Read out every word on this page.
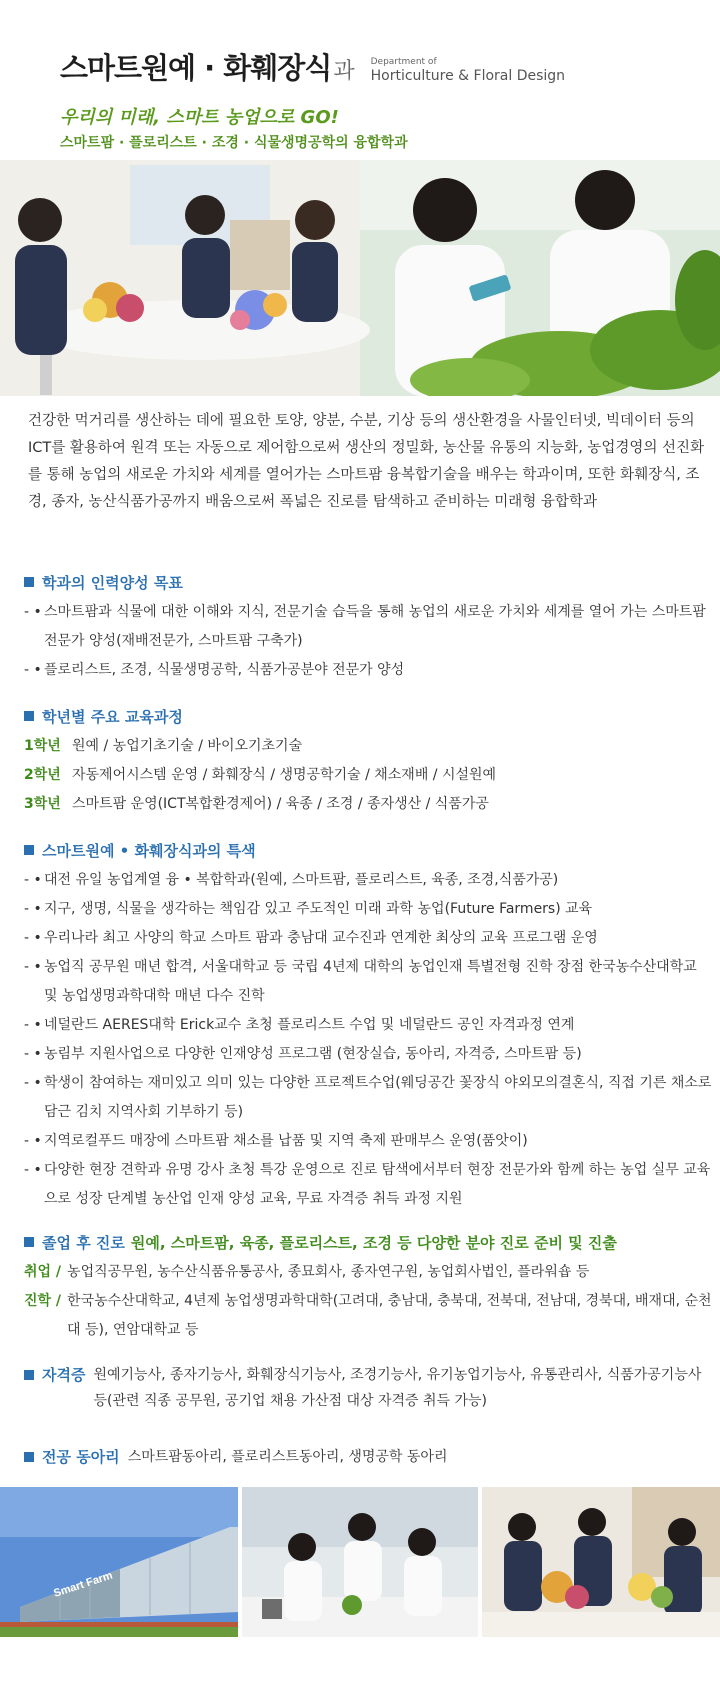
스마트원예 · 화훼장식 과 Department of
Horticulture & Floral Design
우리의 미래, 스마트 농업으로 GO!
스마트팜 · 플로리스트 · 조경 · 식물생명공학의 융합학과
건강한 먹거리를 생산하는 데에 필요한 토양, 양분, 수분, 기상 등의 생산환경을 사물인터넷, 빅데이터 등의 ICT를 활용하여 원격 또는 자동으로 제어함으로써 생산의 정밀화, 농산물 유통의 지능화, 농업경영의 선진화를 통해 농업의 새로운 가치와 세계를 열어가는 스마트팜 융복합기술을 배우는 학과이며, 또한 화훼장식, 조경, 종자, 농산식품가공까지 배움으로써 폭넓은 진로를 탐색하고 준비하는 미래형 융합학과
학과의 인력양성 목표
- • 스마트팜과 식물에 대한 이해와 지식, 전문기술 습득을 통해 농업의 새로운 가치와 세계를 열어 가는 스마트팜 전문가 양성(재배전문가, 스마트팜 구축가)
- • 플로리스트, 조경, 식물생명공학, 식품가공분야 전문가 양성
학년별 주요 교육과정
1학년 원예 / 농업기초기술 / 바이오기초기술
2학년 자동제어시스템 운영 / 화훼장식 / 생명공학기술 / 채소재배 / 시설원예
3학년 스마트팜 운영(ICT복합환경제어) / 육종 / 조경 / 종자생산 / 식품가공
스마트원예 • 화훼장식과의 특색
- • 대전 유일 농업계열 융 • 복합학과(원예, 스마트팜, 플로리스트, 육종, 조경,식품가공)
- • 지구, 생명, 식물을 생각하는 책임감 있고 주도적인 미래 과학 농업(Future Farmers) 교육
- • 우리나라 최고 사양의 학교 스마트 팜과 충남대 교수진과 연계한 최상의 교육 프로그램 운영
- • 농업직 공무원 매년 합격, 서울대학교 등 국립 4년제 대학의 농업인재 특별전형 진학 장점 한국농수산대학교 및 농업생명과학대학 매년 다수 진학
- • 네덜란드 AERES대학 Erick교수 초청 플로리스트 수업 및 네덜란드 공인 자격과정 연계
- • 농림부 지원사업으로 다양한 인재양성 프로그램 (현장실습, 동아리, 자격증, 스마트팜 등)
- • 학생이 참여하는 재미있고 의미 있는 다양한 프로젝트수업(웨딩공간 꽃장식 야외모의결혼식, 직접 기른 채소로 담근 김치 지역사회 기부하기 등)
- • 지역로컬푸드 매장에 스마트팜 채소를 납품 및 지역 축제 판매부스 운영(품앗이)
- • 다양한 현장 견학과 유명 강사 초청 특강 운영으로 진로 탐색에서부터 현장 전문가와 함께 하는 농업 실무 교육으로 성장 단계별 농산업 인재 양성 교육, 무료 자격증 취득 과정 지원
졸업 후 진로 원예, 스마트팜, 육종, 플로리스트, 조경 등 다양한 분야 진로 준비 및 진출
취업 / 농업직공무원, 농수산식품유통공사, 종묘회사, 종자연구원, 농업회사법인, 플라워숍 등
진학 / 한국농수산대학교, 4년제 농업생명과학대학(고려대, 충남대, 충북대, 전북대, 전남대, 경북대, 배재대, 순천대 등), 연암대학교 등
자격증 원예기능사, 종자기능사, 화훼장식기능사, 조경기능사, 유기농업기능사, 유통관리사, 식품가공기능사 등(관련 직종 공무원, 공기업 채용 가산점 대상 자격증 취득 가능)
전공 동아리 스마트팜동아리, 플로리스트동아리, 생명공학 동아리
Smart Farm
